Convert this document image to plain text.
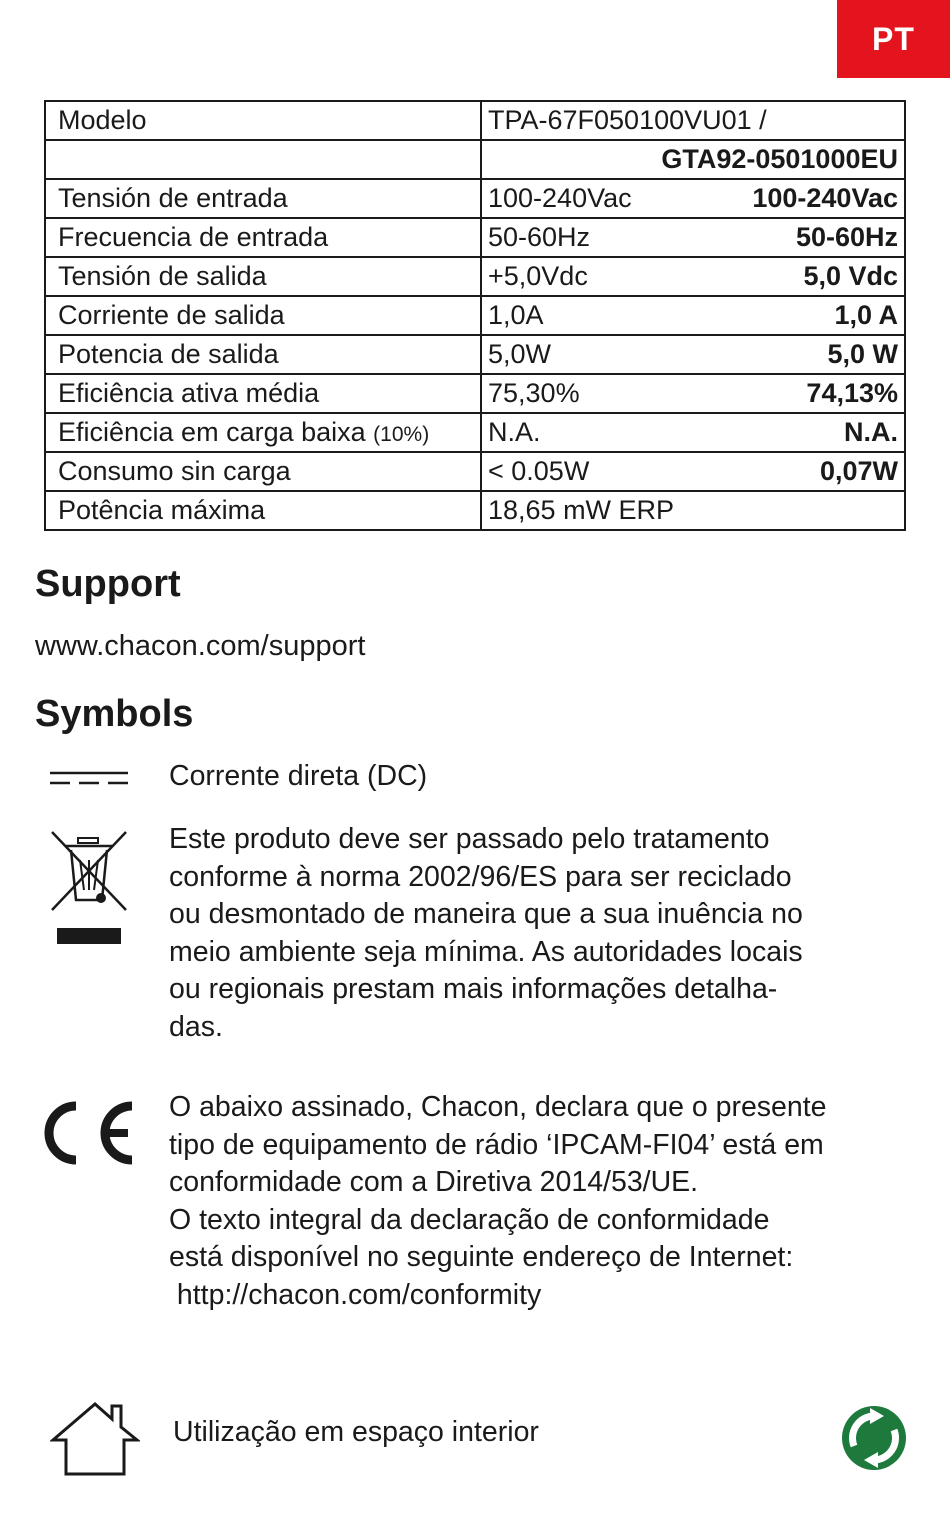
PT
Modelo	TPA-67F050100VU01 /

	GTA92-0501000EU

Tensión de entrada	100-240Vac 100-240Vac

Frecuencia de entrada	50-60Hz 50-60Hz

Tensión de salida	+5,0Vdc 5,0 Vdc

Corriente de salida	1,0A 1,0 A

Potencia de salida	5,0W 5,0 W

Eficiência ativa média	75,30% 74,13%

Eficiência em carga baixa (10%)	N.A. N.A.

Consumo sin carga	< 0.05W 0,07W

Potência máxima	18,65 mW ERP
Support
www.chacon.com/support
Symbols
Corrente direta (DC)
Este produto deve ser passado pelo tratamento
conforme à norma 2002/96/ES para ser reciclado
ou desmontado de maneira que a sua inuência no
meio ambiente seja mínima. As autoridades locais
ou regionais prestam mais informações detalha-
das.
O abaixo assinado, Chacon, declara que o presente
tipo de equipamento de rádio ‘IPCAM-FI04’ está em
conformidade com a Diretiva 2014/53/UE.
O texto integral da declaração de conformidade
está disponível no seguinte endereço de Internet:
http://chacon.com/conformity
Utilização em espaço interior
